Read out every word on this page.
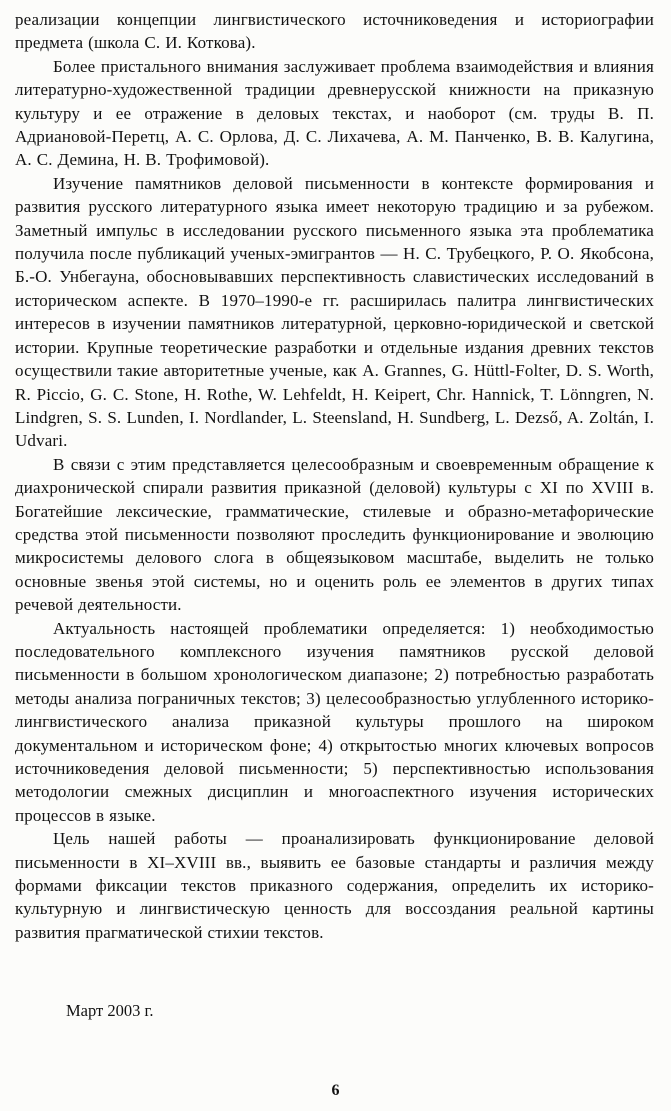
реализации концепции лингвистического источниковедения и историографии предмета (школа С. И. Коткова).

Более пристального внимания заслуживает проблема взаимодействия и влияния литературно-художественной традиции древнерусской книжности на приказную культуру и ее отражение в деловых текстах, и наоборот (см. труды В. П. Адриановой-Перетц, А. С. Орлова, Д. С. Лихачева, А. М. Панченко, В. В. Калугина, А. С. Демина, Н. В. Трофимовой).

Изучение памятников деловой письменности в контексте формирования и развития русского литературного языка имеет некоторую традицию и за рубежом. Заметный импульс в исследовании русского письменного языка эта проблематика получила после публикаций ученых-эмигрантов — Н. С. Трубецкого, Р. О. Якобсона, Б.-О. Унбегауна, обосновывавших перспективность славистических исследований в историческом аспекте. В 1970–1990-е гг. расширилась палитра лингвистических интересов в изучении памятников литературной, церковно-юридической и светской истории. Крупные теоретические разработки и отдельные издания древних текстов осуществили такие авторитетные ученые, как A. Grannes, G. Hüttl-Folter, D. S. Worth, R. Piccio, G. C. Stone, H. Rothe, W. Lehfeldt, H. Keipert, Chr. Hannick, T. Lönngren, N. Lindgren, S. S. Lunden, I. Nordlander, L. Steensland, H. Sundberg, L. Dezső, A. Zoltán, I. Udvari.

В связи с этим представляется целесообразным и своевременным обращение к диахронической спирали развития приказной (деловой) культуры с XI по XVIII в. Богатейшие лексические, грамматические, стилевые и образно-метафорические средства этой письменности позволяют проследить функционирование и эволюцию микросистемы делового слога в общеязыковом масштабе, выделить не только основные звенья этой системы, но и оценить роль ее элементов в других типах речевой деятельности.

Актуальность настоящей проблематики определяется: 1) необходимостью последовательного комплексного изучения памятников русской деловой письменности в большом хронологическом диапазоне; 2) потребностью разработать методы анализа пограничных текстов; 3) целесообразностью углубленного историко-лингвистического анализа приказной культуры прошлого на широком документальном и историческом фоне; 4) открытостью многих ключевых вопросов источниковедения деловой письменности; 5) перспективностью использования методологии смежных дисциплин и многоаспектного изучения исторических процессов в языке.

Цель нашей работы — проанализировать функционирование деловой письменности в XI–XVIII вв., выявить ее базовые стандарты и различия между формами фиксации текстов приказного содержания, определить их историко-культурную и лингвистическую ценность для воссоздания реальной картины развития прагматической стихии текстов.

Март 2003 г.
6
